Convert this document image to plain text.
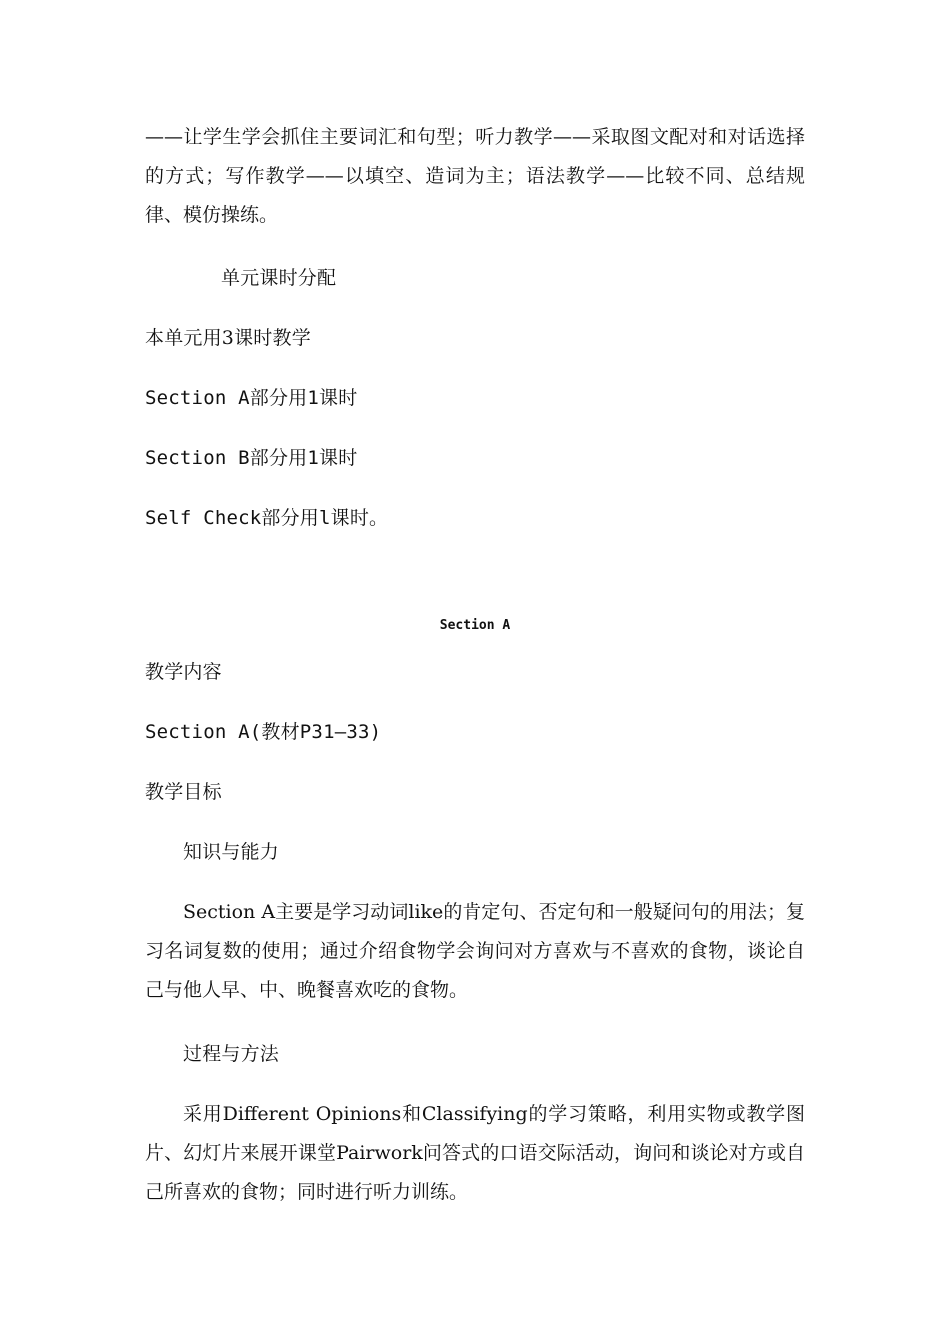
——让学生学会抓住主要词汇和句型；听力教学——采取图文配对和对话选择的方式；写作教学——以填空、造词为主；语法教学——比较不同、总结规律、模仿操练。
单元课时分配
本单元用3课时教学
Section A部分用1课时
Section B部分用1课时
Self Check部分用l课时。
Section A
教学内容
Section A(教材P31—33)
教学目标
知识与能力
Section A主要是学习动词like的肯定句、否定句和一般疑问句的用法；复习名词复数的使用；通过介绍食物学会询问对方喜欢与不喜欢的食物，谈论自己与他人早、中、晚餐喜欢吃的食物。
过程与方法
采用Different Opinions和Classifying的学习策略，利用实物或教学图片、幻灯片来展开课堂Pairwork问答式的口语交际活动，询问和谈论对方或自己所喜欢的食物；同时进行听力训练。
